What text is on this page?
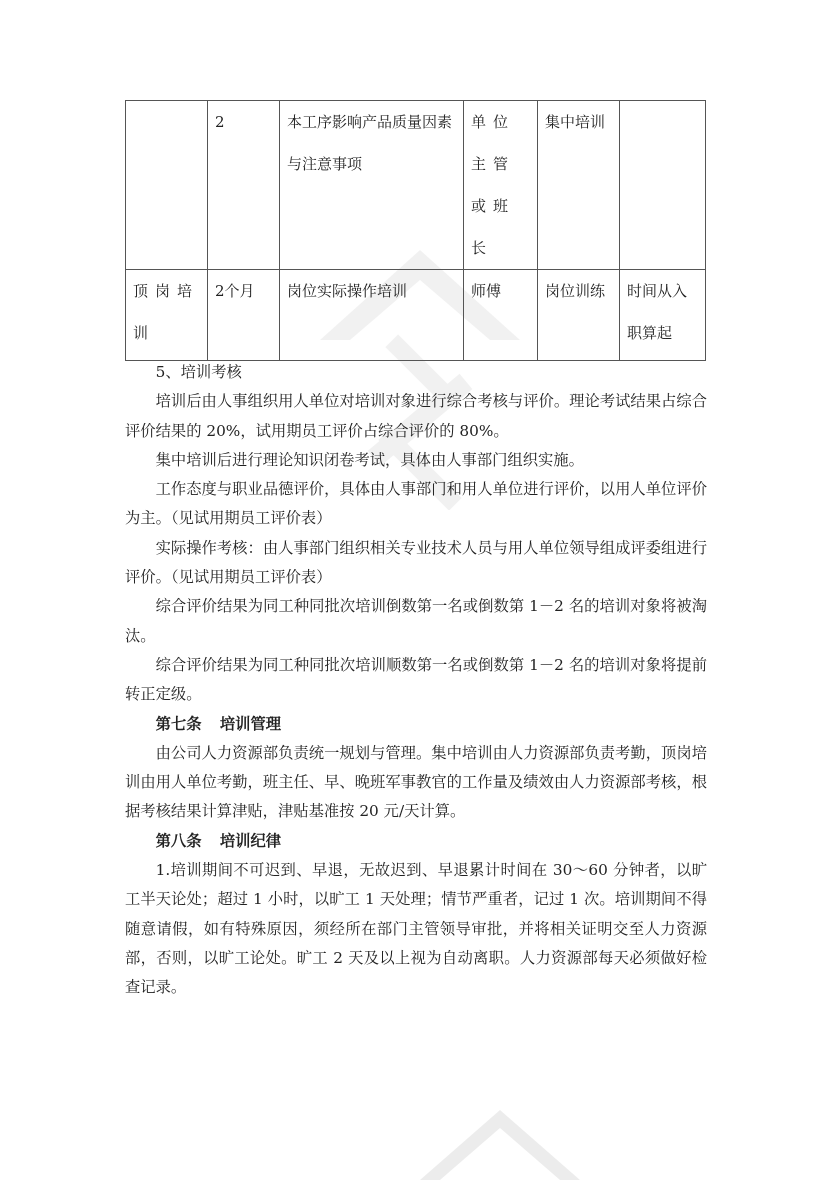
	2	本工序影响产品质量因素与注意事项	单位主管或班长	集中培训	
顶岗培训	2个月	岗位实际操作培训	师傅	岗位训练	时间从入职算起

5、培训考核

培训后由人事组织用人单位对培训对象进行综合考核与评价。理论考试结果占综合评价结果的 20%，试用期员工评价占综合评价的 80%。

集中培训后进行理论知识闭卷考试，具体由人事部门组织实施。

工作态度与职业品德评价，具体由人事部门和用人单位进行评价，以用人单位评价为主。（见试用期员工评价表）

实际操作考核：由人事部门组织相关专业技术人员与用人单位领导组成评委组进行评价。（见试用期员工评价表）

综合评价结果为同工种同批次培训倒数第一名或倒数第 1－2 名的培训对象将被淘汰。

综合评价结果为同工种同批次培训顺数第一名或倒数第 1－2 名的培训对象将提前转正定级。

第七条 培训管理

由公司人力资源部负责统一规划与管理。集中培训由人力资源部负责考勤，顶岗培训由用人单位考勤，班主任、早、晚班军事教官的工作量及绩效由人力资源部考核，根据考核结果计算津贴，津贴基准按 20 元/天计算。

第八条 培训纪律

1.培训期间不可迟到、早退，无故迟到、早退累计时间在 30～60 分钟者，以旷工半天论处；超过 1 小时，以旷工 1 天处理；情节严重者，记过 1 次。培训期间不得随意请假，如有特殊原因，须经所在部门主管领导审批，并将相关证明交至人力资源部，否则，以旷工论处。旷工 2 天及以上视为自动离职。人力资源部每天必须做好检查记录。
